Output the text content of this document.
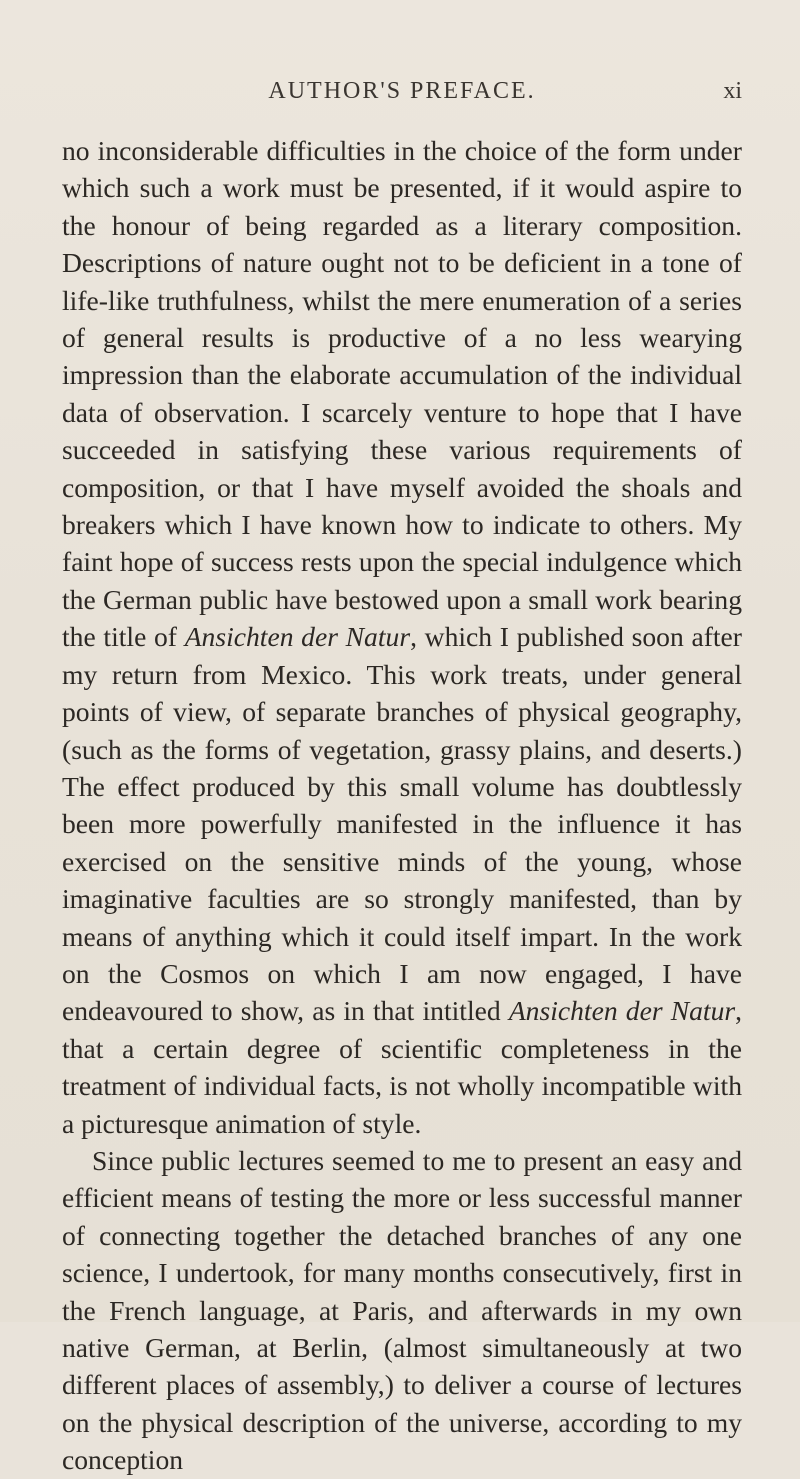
AUTHOR'S PREFACE.	xi

no inconsiderable difficulties in the choice of the form under which such a work must be presented, if it would aspire to the honour of being regarded as a literary composition. Descriptions of nature ought not to be deficient in a tone of life-like truthfulness, whilst the mere enumeration of a series of general results is productive of a no less wearying impression than the elaborate accumulation of the individual data of observation. I scarcely venture to hope that I have succeeded in satisfying these various requirements of composition, or that I have myself avoided the shoals and breakers which I have known how to indicate to others. My faint hope of success rests upon the special indulgence which the German public have bestowed upon a small work bearing the title of Ansichten der Natur, which I published soon after my return from Mexico. This work treats, under general points of view, of separate branches of physical geography, (such as the forms of vegetation, grassy plains, and deserts.) The effect produced by this small volume has doubtlessly been more powerfully manifested in the influence it has exercised on the sensitive minds of the young, whose imaginative faculties are so strongly manifested, than by means of anything which it could itself impart. In the work on the Cosmos on which I am now engaged, I have endeavoured to show, as in that intitled Ansichten der Natur, that a certain degree of scientific completeness in the treatment of individual facts, is not wholly incompatible with a picturesque animation of style.

Since public lectures seemed to me to present an easy and efficient means of testing the more or less successful manner of connecting together the detached branches of any one science, I undertook, for many months consecutively, first in the French language, at Paris, and afterwards in my own native German, at Berlin, (almost simultaneously at two different places of assembly,) to deliver a course of lectures on the physical description of the universe, according to my conception
